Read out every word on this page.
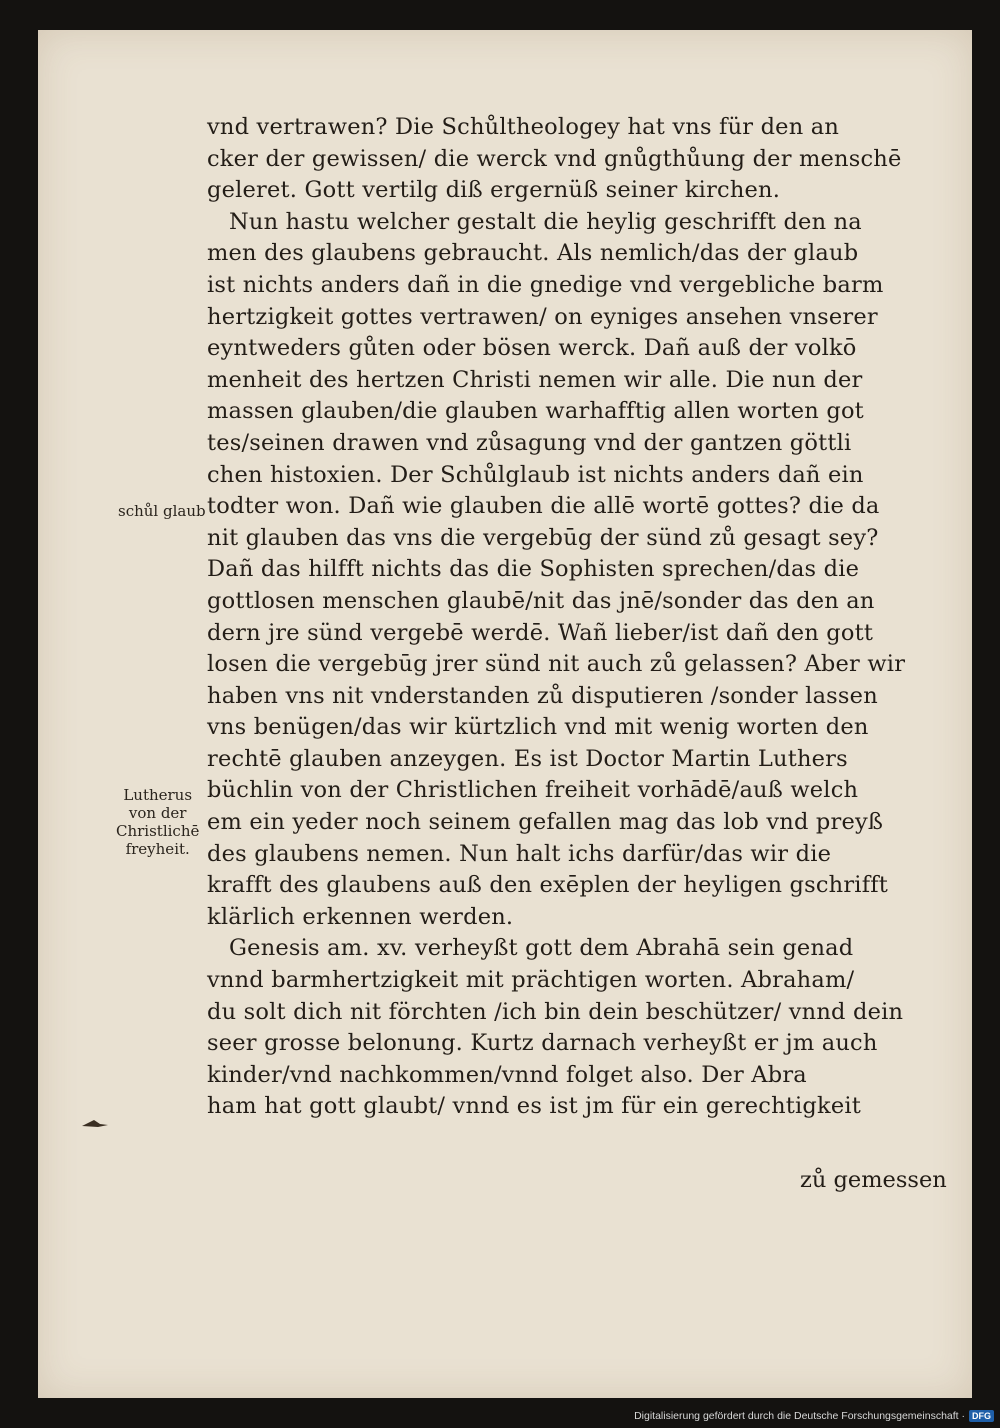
vnd vertrawen? Die Schůltheologey hat vns für den an
cker der gewissen/ die werck vnd gnůgthůung der menschē
geleret. Gott vertilg diß ergernüß seiner kirchen.
Nun hastu welcher gestalt die heylig geschrifft den na
men des glaubens gebraucht. Als nemlich/das der glaub
ist nichts anders dañ in die gnedige vnd vergebliche barm
hertzigkeit gottes vertrawen/ on eyniges ansehen vnserer
eyntweders gůten oder bösen werck. Dañ auß der volkō
menheit des hertzen Christi nemen wir alle. Die nun der
massen glauben/die glauben warhafftig allen worten got
tes/seinen drawen vnd zůsagung vnd der gantzen göttli
chen histoxien. Der Schůlglaub ist nichts anders dañ ein
todter won. Dañ wie glauben die allē wortē gottes? die da
nit glauben das vns die vergebūg der sünd zů gesagt sey?
Dañ das hilfft nichts das die Sophisten sprechen/das die
gottlosen menschen glaubē/nit das jnē/sonder das den an
dern jre sünd vergebē werdē. Wañ lieber/ist dañ den gott
losen die vergebūg jrer sünd nit auch zů gelassen? Aber wir
haben vns nit vnderstanden zů disputieren /sonder lassen
vns benügen/das wir kürtzlich vnd mit wenig worten den
rechtē glauben anzeygen. Es ist Doctor Martin Luthers
büchlin von der Christlichen freiheit vorhādē/auß welch
em ein yeder noch seinem gefallen mag das lob vnd preyß
des glaubens nemen. Nun halt ichs darfür/das wir die
krafft des glaubens auß den exēplen der heyligen gschrifft
klärlich erkennen werden.
Genesis am. xv. verheyßt gott dem Abrahā sein genad
vnnd barmhertzigkeit mit prächtigen worten. Abraham/
du solt dich nit förchten /ich bin dein beschützer/ vnnd dein
seer grosse belonung. Kurtz darnach verheyßt er jm auch
kinder/vnd nachkommen/vnnd folget also. Der Abra
ham hat gott glaubt/ vnnd es ist jm für ein gerechtigkeit
schůl glaub
Lutherus
von der
Christlichē
freyheit.
zů gemessen
Digitalisierung gefördert durch die Deutsche Forschungsgemeinschaft · DFG
